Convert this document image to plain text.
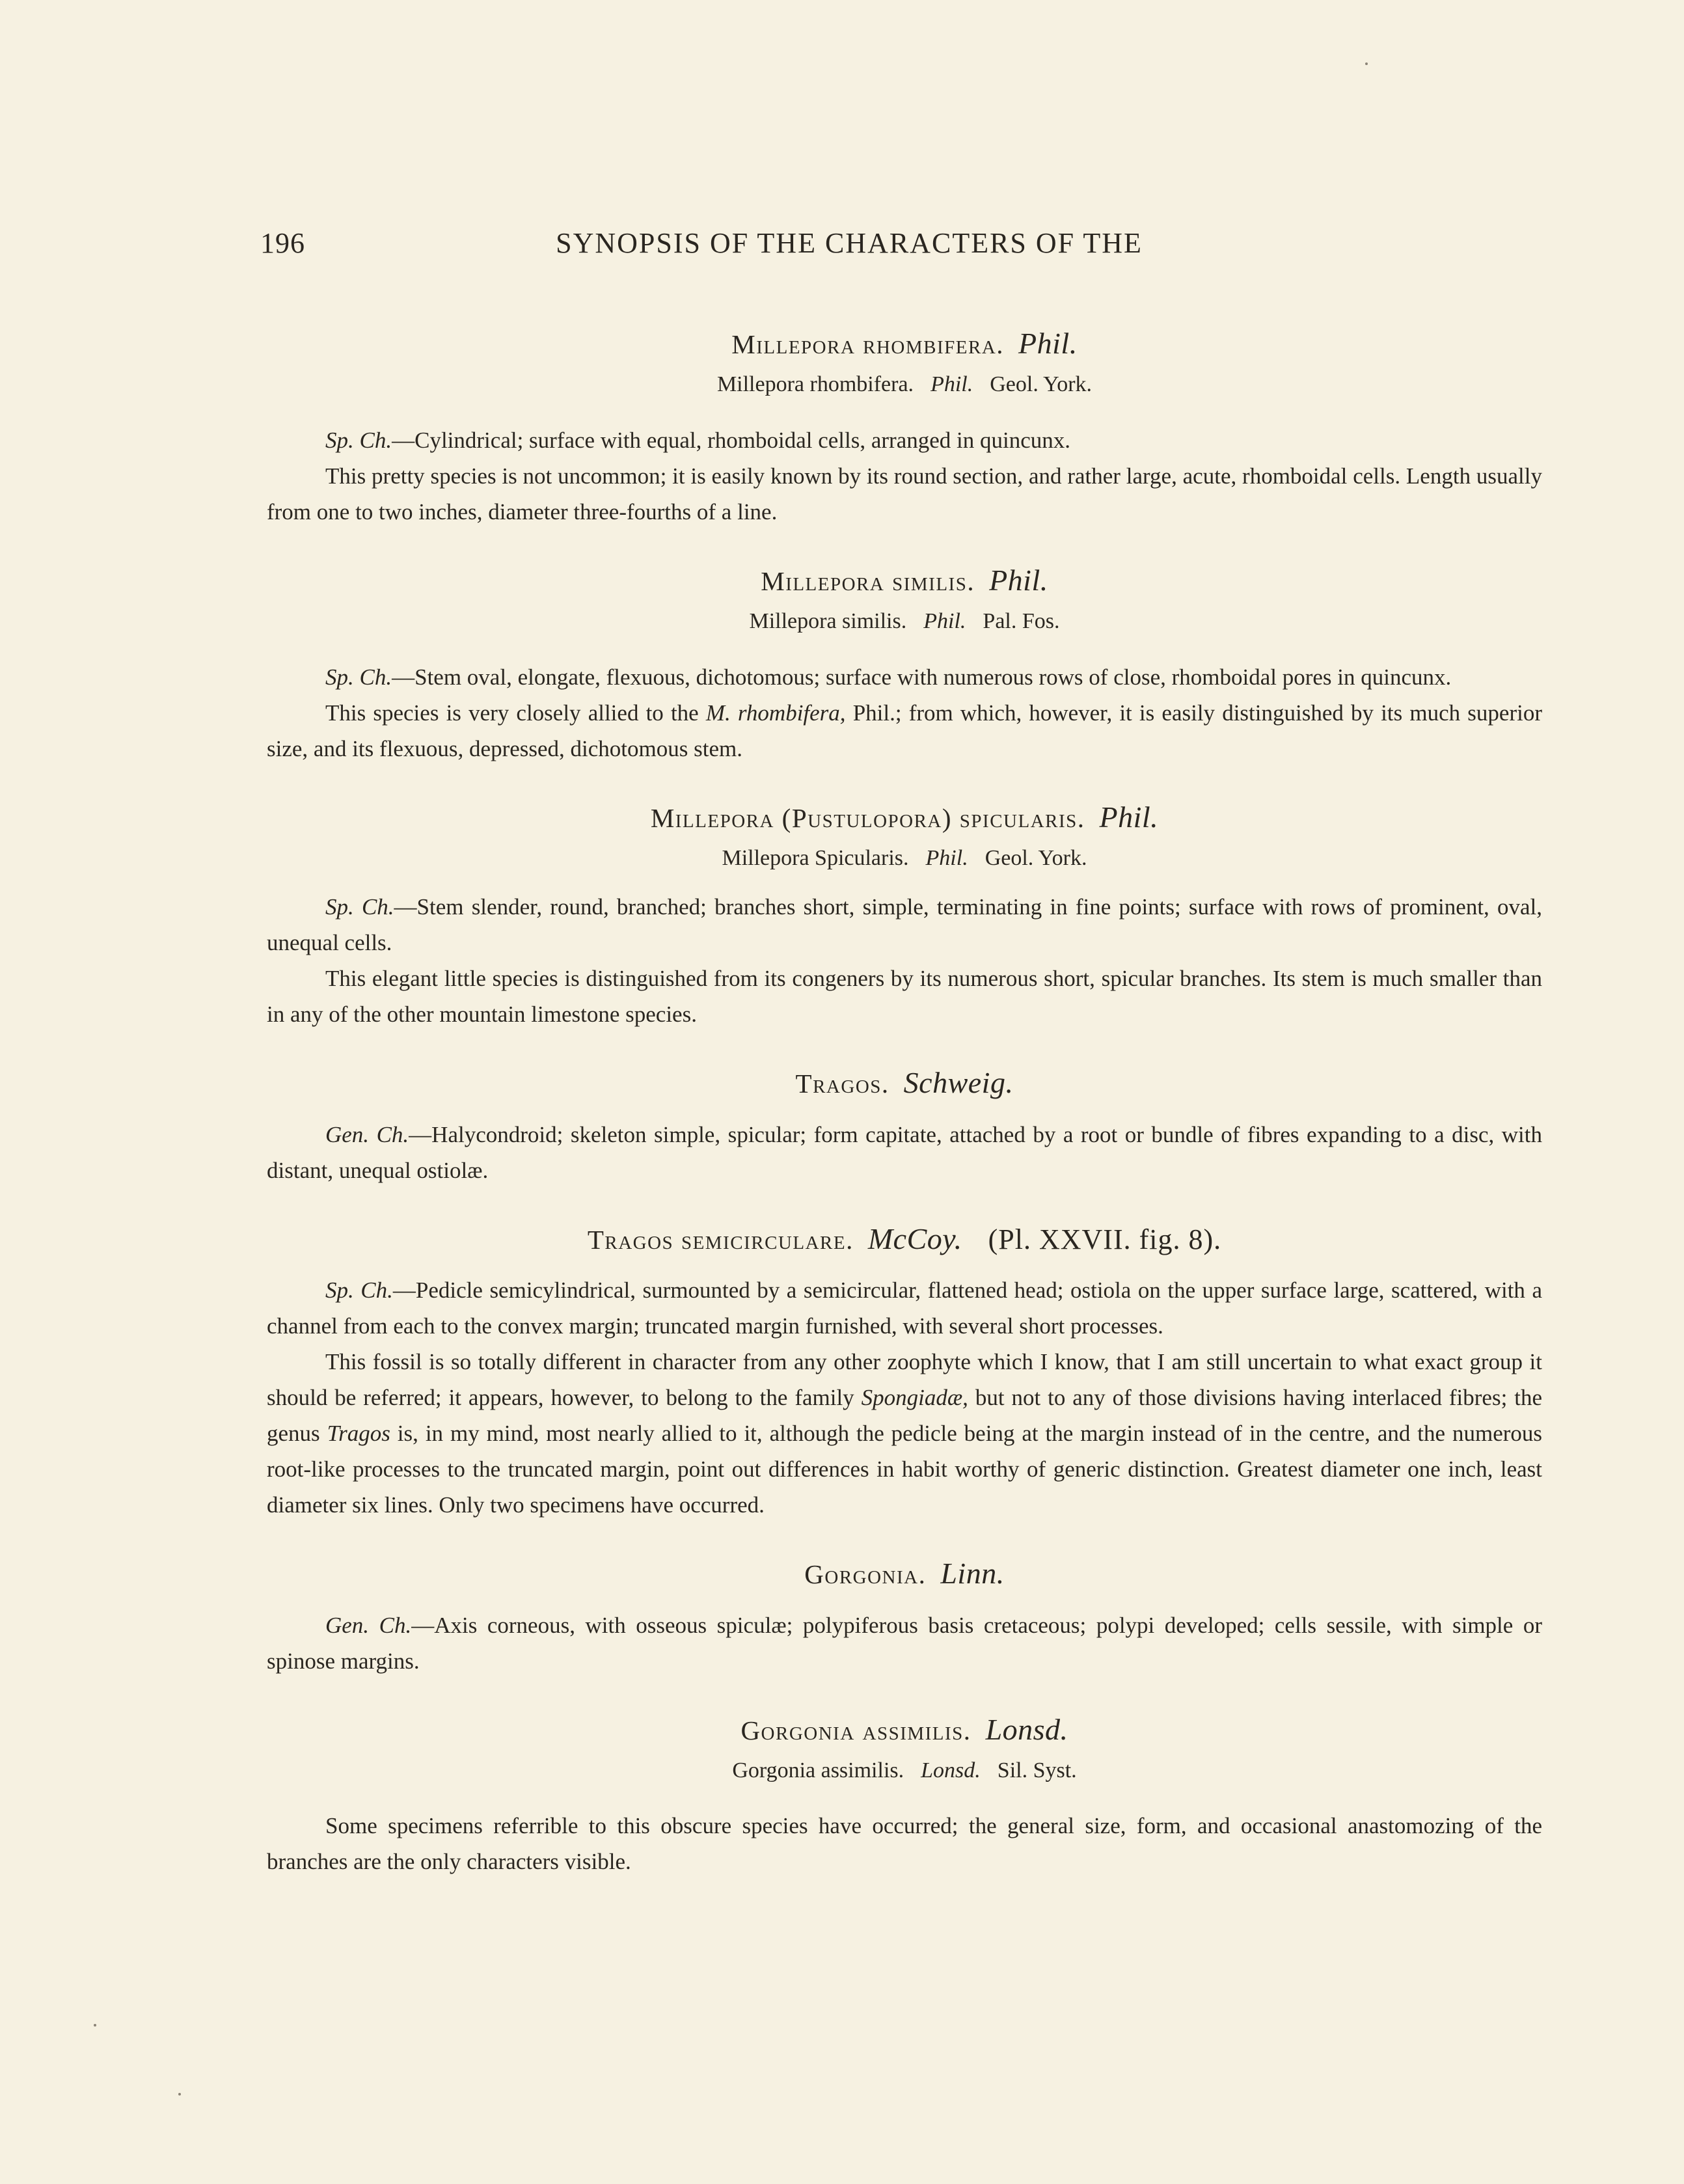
196	SYNOPSIS OF THE CHARACTERS OF THE

Millepora rhombifera. Phil.

Millepora rhombifera. Phil. Geol. York.

Sp. Ch.—Cylindrical; surface with equal, rhomboidal cells, arranged in quincunx.

This pretty species is not uncommon; it is easily known by its round section, and rather large, acute, rhomboidal cells. Length usually from one to two inches, diameter three-fourths of a line.

Millepora similis. Phil.

Millepora similis. Phil. Pal. Fos.

Sp. Ch.—Stem oval, elongate, flexuous, dichotomous; surface with numerous rows of close, rhomboidal pores in quincunx.

This species is very closely allied to the M. rhombifera, Phil.; from which, however, it is easily distinguished by its much superior size, and its flexuous, depressed, dichotomous stem.

Millepora (Pustulopora) spicularis. Phil.

Millepora Spicularis. Phil. Geol. York.

Sp. Ch.—Stem slender, round, branched; branches short, simple, terminating in fine points; surface with rows of prominent, oval, unequal cells.

This elegant little species is distinguished from its congeners by its numerous short, spicular branches. Its stem is much smaller than in any of the other mountain limestone species.

Tragos. Schweig.

Gen. Ch.—Halycondroid; skeleton simple, spicular; form capitate, attached by a root or bundle of fibres expanding to a disc, with distant, unequal ostiolæ.

Tragos semicirculare. McCoy. (Pl. XXVII. fig. 8).

Sp. Ch.—Pedicle semicylindrical, surmounted by a semicircular, flattened head; ostiola on the upper surface large, scattered, with a channel from each to the convex margin; truncated margin furnished, with several short processes.

This fossil is so totally different in character from any other zoophyte which I know, that I am still uncertain to what exact group it should be referred; it appears, however, to belong to the family Spongiadæ, but not to any of those divisions having interlaced fibres; the genus Tragos is, in my mind, most nearly allied to it, although the pedicle being at the margin instead of in the centre, and the numerous root-like processes to the truncated margin, point out differences in habit worthy of generic distinction. Greatest diameter one inch, least diameter six lines. Only two specimens have occurred.

Gorgonia. Linn.

Gen. Ch.—Axis corneous, with osseous spiculæ; polypiferous basis cretaceous; polypi developed; cells sessile, with simple or spinose margins.

Gorgonia assimilis. Lonsd.

Gorgonia assimilis. Lonsd. Sil. Syst.

Some specimens referrible to this obscure species have occurred; the general size, form, and occasional anastomozing of the branches are the only characters visible.
